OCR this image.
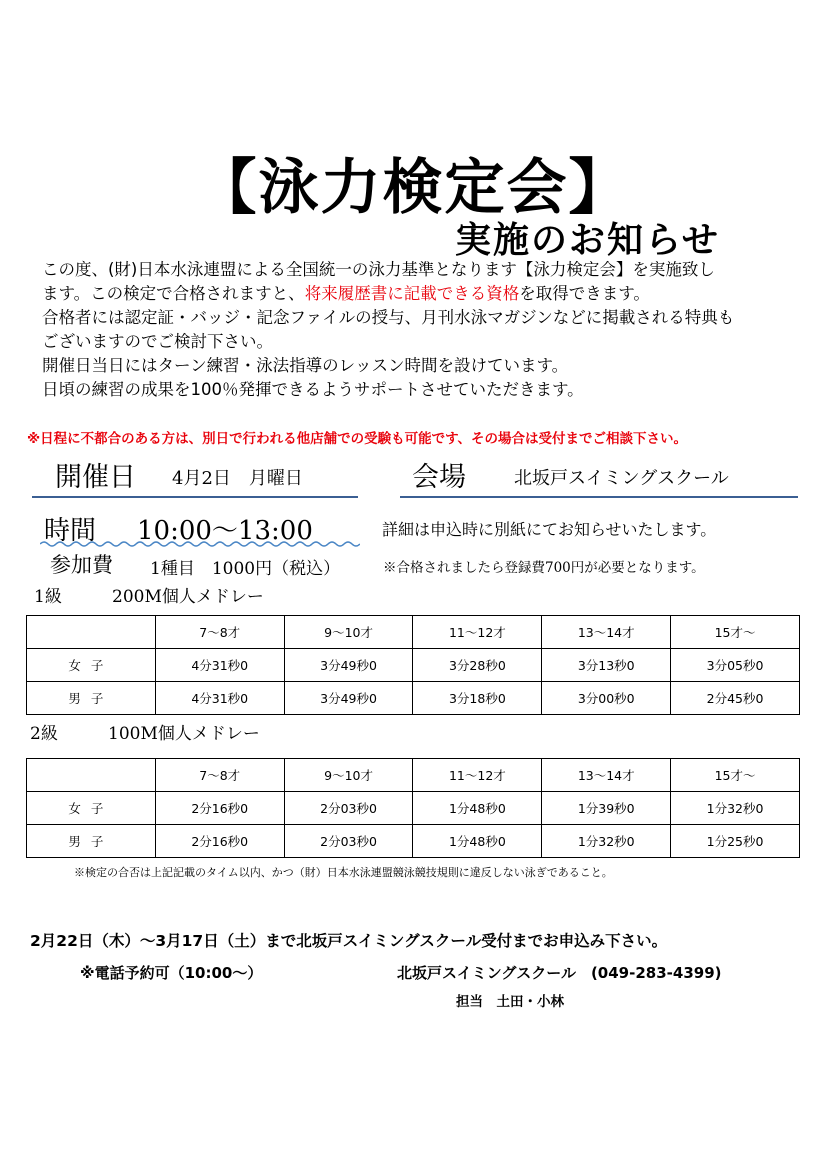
【泳力検定会】
実施のお知らせ

この度、(財)日本水泳連盟による全国統一の泳力基準となります【泳力検定会】を実施致し

ます。この検定で合格されますと、将来履歴書に記載できる資格を取得できます。

合格者には認定証・バッジ・記念ファイルの授与、月刊水泳マガジンなどに掲載される特典も

ございますのでご検討下さい。

開催日当日にはターン練習・泳法指導のレッスン時間を設けています。

日頃の練習の成果を100％発揮できるようサポートさせていただきます。

※日程に不都合のある方は、別日で行われる他店舗での受験も可能です、その場合は受付までご相談下さい。
開催日 4月2日　月曜日	会場	北坂戸スイミングスクール
時間 10:00～13:00	詳細は申込時に別紙にてお知らせいたします。
参加費 1種目　1000円（税込）	※合格されましたら登録費700円が必要となります。
1級	200M個人メドレー
	7～8才	9～10才	11～12才	13～14才	15才～
女子	4分31秒0	3分49秒0	3分28秒0	3分13秒0	3分05秒0
男子	4分31秒0	3分49秒0	3分18秒0	3分00秒0	2分45秒0
2級	100M個人メドレー
	7～8才	9～10才	11～12才	13～14才	15才～
女子	2分16秒0	2分03秒0	1分48秒0	1分39秒0	1分32秒0
男子	2分16秒0	2分03秒0	1分48秒0	1分32秒0	1分25秒0
※検定の合否は上記記載のタイム以内、かつ（財）日本水泳連盟競泳競技規則に違反しない泳ぎであること。
2月22日（木）～3月17日（土）まで北坂戸スイミングスクール受付までお申込み下さい。
※電話予約可（10:00～）	北坂戸スイミングスクール　(049-283-4399)
担当　土田・小林
